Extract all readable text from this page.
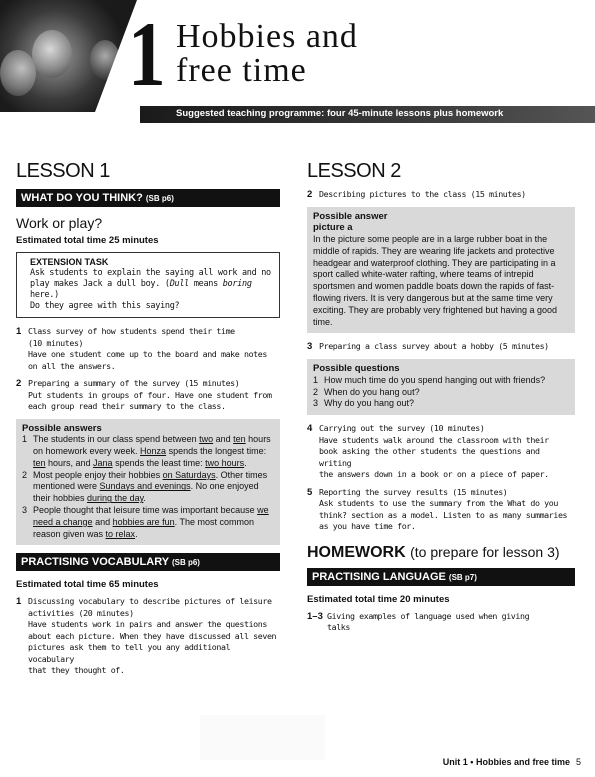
1 Hobbies and
free time
Suggested teaching programme: four 45-minute lessons plus homework
LESSON 1
WHAT DO YOU THINK? (SB p6)
Work or play?
Estimated total time 25 minutes
EXTENSION TASK
Ask students to explain the saying all work and no
play makes Jack a dull boy. (Dull means boring here.)
Do they agree with this saying?
1 Class survey of how students spend their time
(10 minutes)
Have one student come up to the board and make notes
on all the answers.
2 Preparing a summary of the survey (15 minutes)
Put students in groups of four. Have one student from
each group read their summary to the class.
Possible answers
1 The students in our class spend between two and ten hours on homework every week. Honza spends the longest time: ten hours, and Jana spends the least time: two hours.
2 Most people enjoy their hobbies on Saturdays. Other times mentioned were Sundays and evenings. No one enjoyed their hobbies during the day.
3 People thought that leisure time was important because we need a change and hobbies are fun. The most common reason given was to relax.
PRACTISING VOCABULARY (SB p6)
Estimated total time 65 minutes
1 Discussing vocabulary to describe pictures of leisure
activities (20 minutes)
Have students work in pairs and answer the questions
about each picture. When they have discussed all seven
pictures ask them to tell you any additional vocabulary
that they thought of.
LESSON 2
2 Describing pictures to the class (15 minutes)
Possible answer
picture a
In the picture some people are in a large rubber boat in the middle of rapids. They are wearing life jackets and protective headgear and waterproof clothing. They are participating in a sport called white-water rafting, where teams of intrepid sportsmen and women paddle boats down the rapids of fast-flowing rivers. It is very dangerous but at the same time very exciting. They are probably very frightened but having a good time.
3 Preparing a class survey about a hobby (5 minutes)
Possible questions
1 How much time do you spend hanging out with friends?
2 When do you hang out?
3 Why do you hang out?
4 Carrying out the survey (10 minutes)
Have students walk around the classroom with their
book asking the other students the questions and writing
the answers down in a book or on a piece of paper.
5 Reporting the survey results (15 minutes)
Ask students to use the summary from the What do you
think? section as a model. Listen to as many summaries
as you have time for.
HOMEWORK (to prepare for lesson 3)
PRACTISING LANGUAGE (SB p7)
Estimated total time 20 minutes
1–3 Giving examples of language used when giving
talks
Unit 1 • Hobbies and free time 5
